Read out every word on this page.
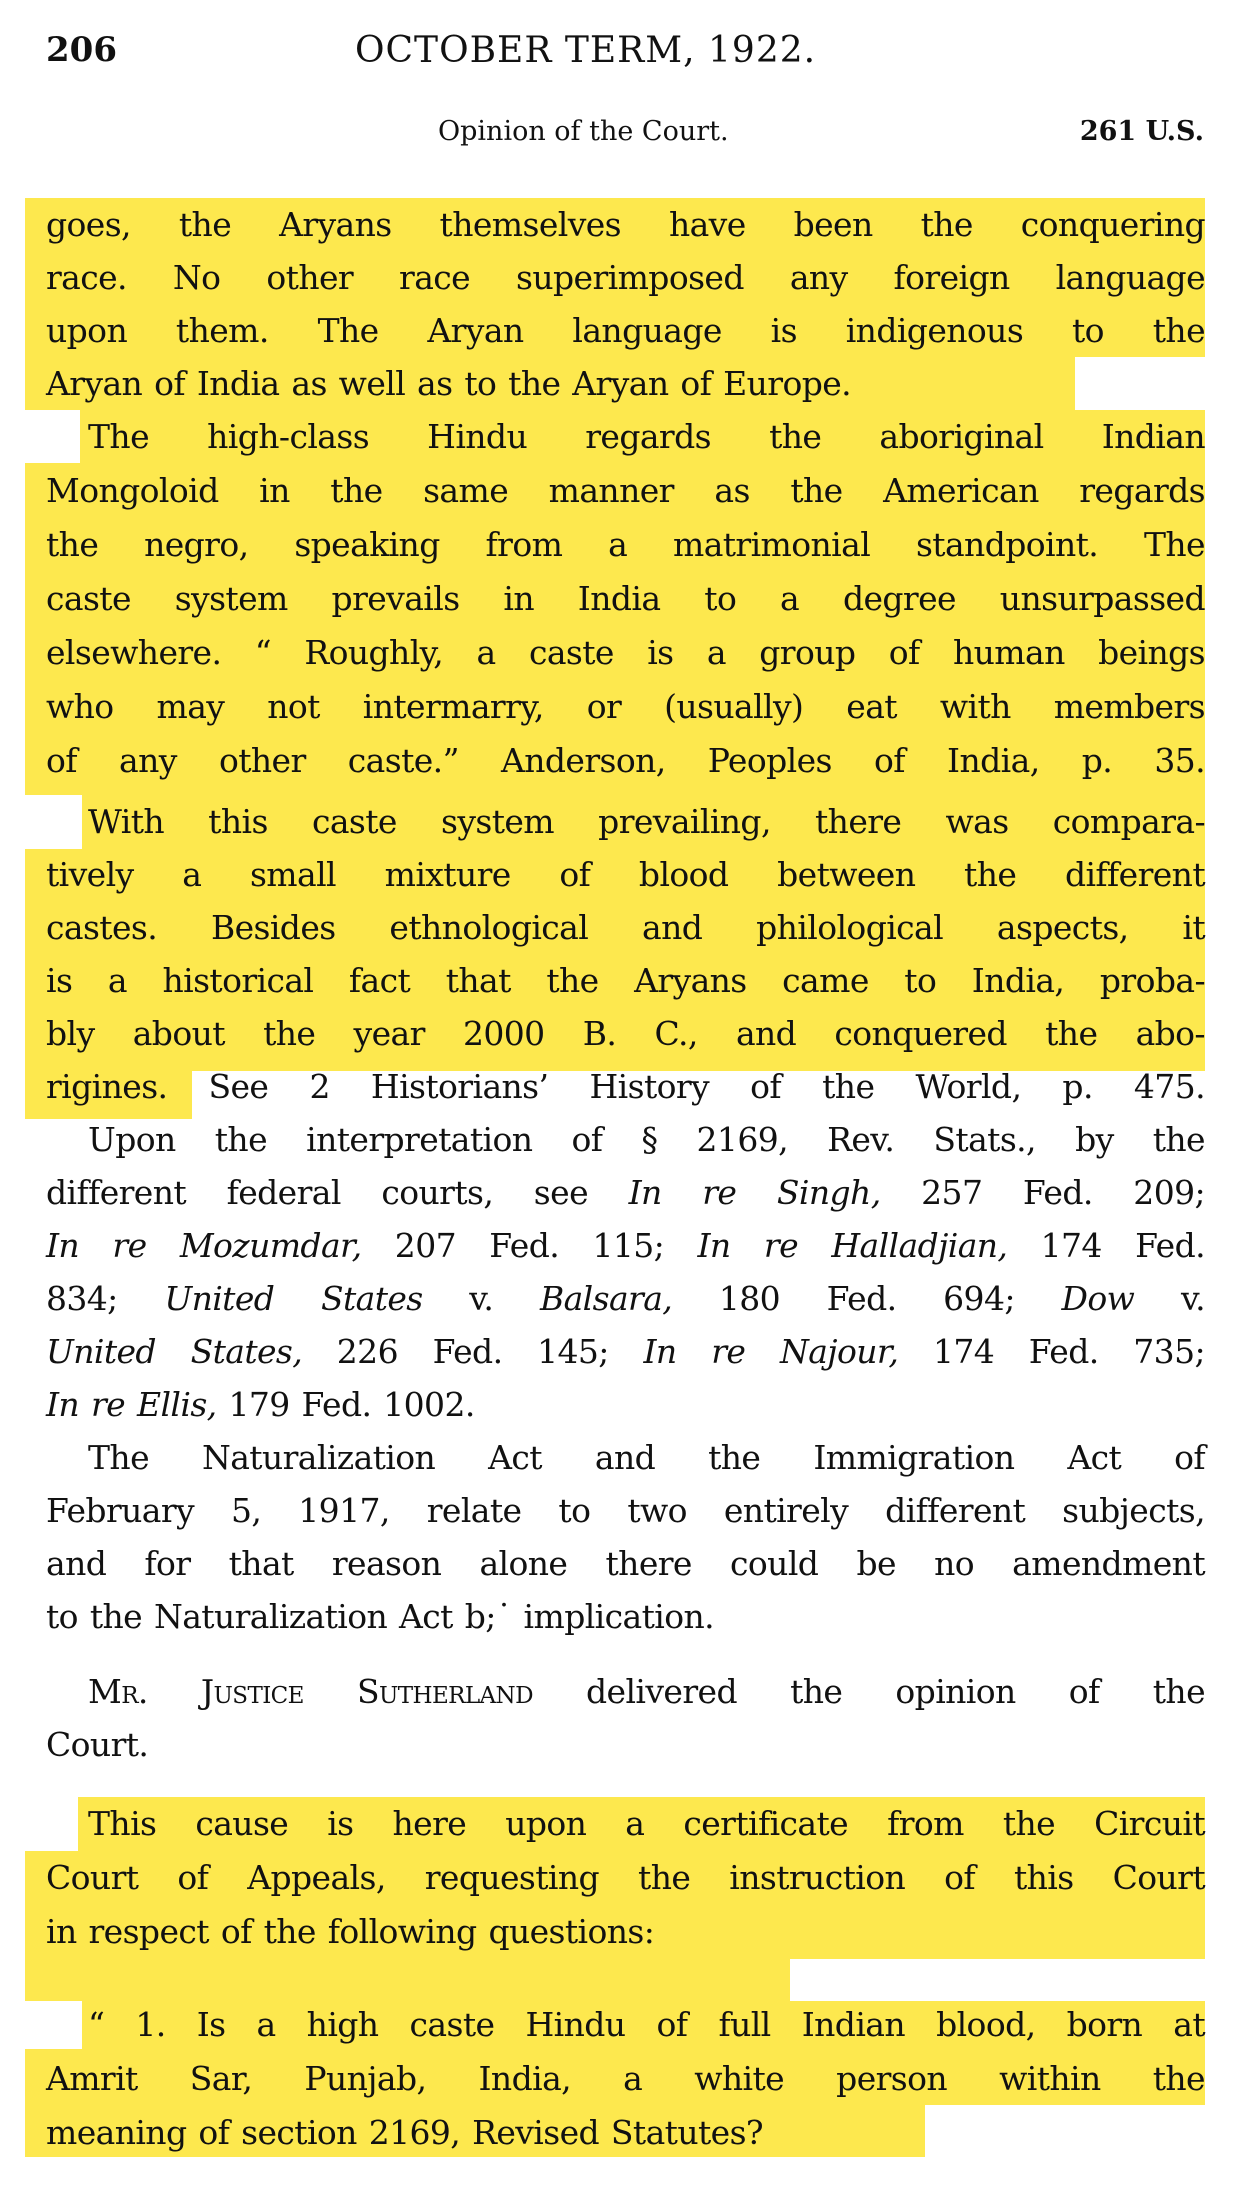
206	OCTOBER TERM, 1922.
Opinion of the Court.	261 U.S.
goes, the Aryans themselves have been the conquering
race. No other race superimposed any foreign language
upon them. The Aryan language is indigenous to the
Aryan of India as well as to the Aryan of Europe.
The high-class Hindu regards the aboriginal Indian
Mongoloid in the same manner as the American regards
the negro, speaking from a matrimonial standpoint. The
caste system prevails in India to a degree unsurpassed
elsewhere. “ Roughly, a caste is a group of human beings
who may not intermarry, or (usually) eat with members
of any other caste.” Anderson, Peoples of India, p. 35.
With this caste system prevailing, there was compara-
tively a small mixture of blood between the different
castes. Besides ethnological and philological aspects, it
is a historical fact that the Aryans came to India, proba-
bly about the year 2000 B. C., and conquered the abo-
rigines. See 2 Historians’ History of the World, p. 475.
Upon the interpretation of § 2169, Rev. Stats., by the
different federal courts, see In re Singh, 257 Fed. 209;
In re Mozumdar, 207 Fed. 115; In re Halladjian, 174 Fed.
834; United States v. Balsara, 180 Fed. 694; Dow v.
United States, 226 Fed. 145; In re Najour, 174 Fed. 735;
In re Ellis, 179 Fed. 1002.
The Naturalization Act and the Immigration Act of
February 5, 1917, relate to two entirely different subjects,
and for that reason alone there could be no amendment
to the Naturalization Act b;˙ implication.
Mr. Justice Sutherland delivered the opinion of the
Court.
This cause is here upon a certificate from the Circuit
Court of Appeals, requesting the instruction of this Court
in respect of the following questions:
“ 1. Is a high caste Hindu of full Indian blood, born at
Amrit Sar, Punjab, India, a white person within the
meaning of section 2169, Revised Statutes?
